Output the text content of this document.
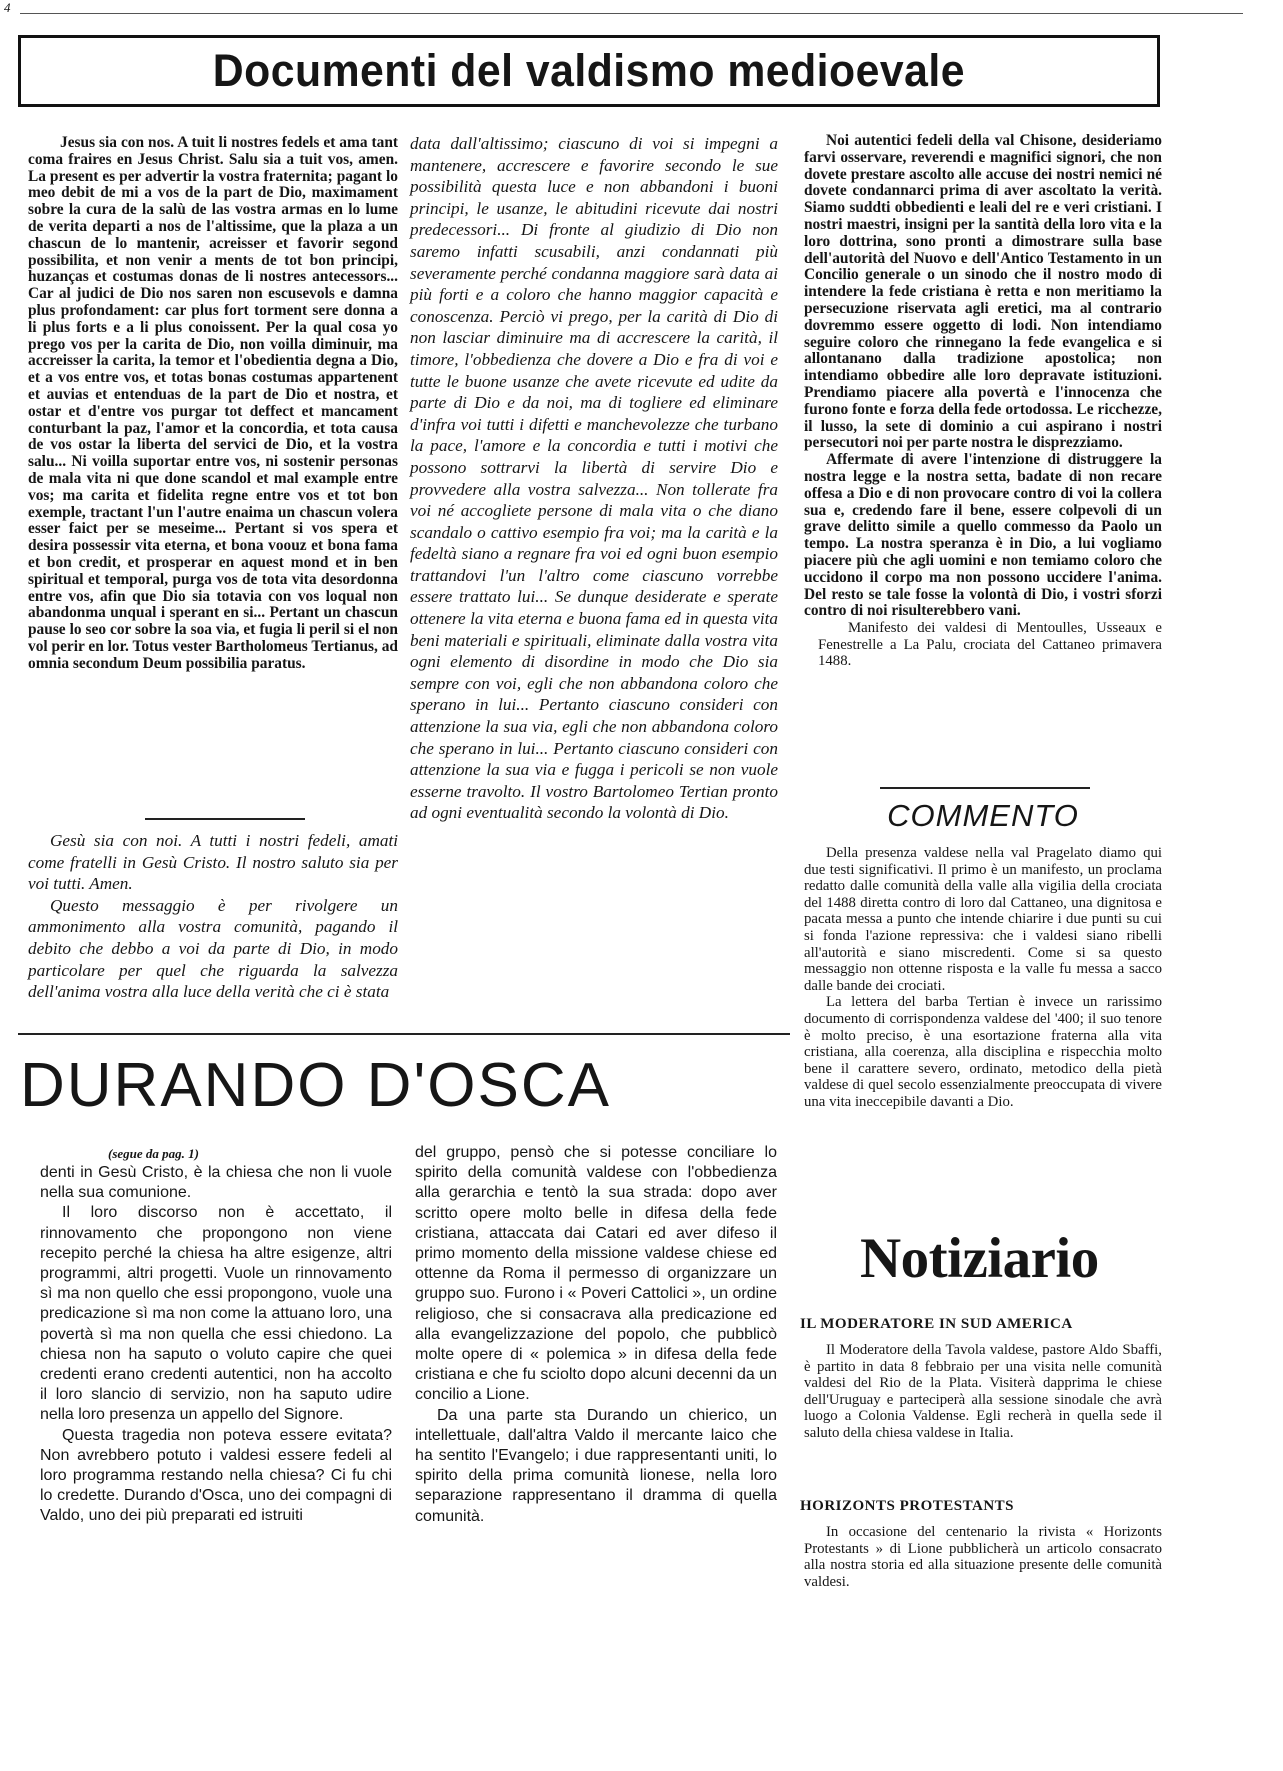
4
Documenti del valdismo medioevale

Jesus sia con nos. A tuit li nostres fedels et ama tant coma fraires en Jesus Christ. Salu sia a tuit vos, amen. La present es per advertir la vostra fraternita; pagant lo meo debit de mi a vos de la part de Dio, maximament sobre la cura de la salù de las vostra armas en lo lume de verita departi a nos de l'altissime, que la plaza a un chascun de lo mantenir, acreisser et favorir segond possibilita, et non venir a ments de tot bon principi, huzanças et costumas donas de li nostres antecessors... Car al judici de Dio nos saren non escusevols e damna plus profondament: car plus fort torment sere donna a li plus forts e a li plus conoissent. Per la qual cosa yo prego vos per la carita de Dio, non voilla diminuir, ma accreisser la carita, la temor et l'obedientia degna a Dio, et a vos entre vos, et totas bonas costumas appartenent et auvias et entenduas de la part de Dio et nostra, et ostar et d'entre vos purgar tot deffect et mancament conturbant la paz, l'amor et la concordia, et tota causa de vos ostar la liberta del servici de Dio, et la vostra salu... Ni voilla suportar entre vos, ni sostenir personas de mala vita ni que done scandol et mal example entre vos; ma carita et fidelita regne entre vos et tot bon exemple, tractant l'un l'autre enaima un chascun volera esser faict per se meseime... Pertant si vos spera et desira possessir vita eterna, et bona voouz et bona fama et bon credit, et prosperar en aquest mond et in ben spiritual et temporal, purga vos de tota vita desordonna entre vos, afin que Dio sia totavia con vos loqual non abandonma unqual i sperant en si... Pertant un chascun pause lo seo cor sobre la soa via, et fugia li peril si el non vol perir en lor. Totus vester Bartholomeus Tertianus, ad omnia secondum Deum possibilia paratus.

Gesù sia con noi. A tutti i nostri fedeli, amati come fratelli in Gesù Cristo. Il nostro saluto sia per voi tutti. Amen.

Questo messaggio è per rivolgere un ammonimento alla vostra comunità, pagando il debito che debbo a voi da parte di Dio, in modo particolare per quel che riguarda la salvezza dell'anima vostra alla luce della verità che ci è stata

data dall'altissimo; ciascuno di voi si impegni a mantenere, accrescere e favorire secondo le sue possibilità questa luce e non abbandoni i buoni principi, le usanze, le abitudini ricevute dai nostri predecessori... Di fronte al giudizio di Dio non saremo infatti scusabili, anzi condannati più severamente perché condanna maggiore sarà data ai più forti e a coloro che hanno maggior capacità e conoscenza. Perciò vi prego, per la carità di Dio di non lasciar diminuire ma di accrescere la carità, il timore, l'obbedienza che dovere a Dio e fra di voi e tutte le buone usanze che avete ricevute ed udite da parte di Dio e da noi, ma di togliere ed eliminare d'infra voi tutti i difetti e manchevolezze che turbano la pace, l'amore e la concordia e tutti i motivi che possono sottrarvi la libertà di servire Dio e provvedere alla vostra salvezza... Non tollerate fra voi né accogliete persone di mala vita o che diano scandalo o cattivo esempio fra voi; ma la carità e la fedeltà siano a regnare fra voi ed ogni buon esempio trattandovi l'un l'altro come ciascuno vorrebbe essere trattato lui... Se dunque desiderate e sperate ottenere la vita eterna e buona fama ed in questa vita beni materiali e spirituali, eliminate dalla vostra vita ogni elemento di disordine in modo che Dio sia sempre con voi, egli che non abbandona coloro che sperano in lui... Pertanto ciascuno consideri con attenzione la sua via, egli che non abbandona coloro che sperano in lui... Pertanto ciascuno consideri con attenzione la sua via e fugga i pericoli se non vuole esserne travolto. Il vostro Bartolomeo Tertian pronto ad ogni eventualità secondo la volontà di Dio.

Noi autentici fedeli della val Chisone, desideriamo farvi osservare, reverendi e magnifici signori, che non dovete prestare ascolto alle accuse dei nostri nemici né dovete condannarci prima di aver ascoltato la verità. Siamo suddti obbedienti e leali del re e veri cristiani. I nostri maestri, insigni per la santità della loro vita e la loro dottrina, sono pronti a dimostrare sulla base dell'autorità del Nuovo e dell'Antico Testamento in un Concilio generale o un sinodo che il nostro modo di intendere la fede cristiana è retta e non meritiamo la persecuzione riservata agli eretici, ma al contrario dovremmo essere oggetto di lodi. Non intendiamo seguire coloro che rinnegano la fede evangelica e si allontanano dalla tradizione apostolica; non intendiamo obbedire alle loro depravate istituzioni. Prendiamo piacere alla povertà e l'innocenza che furono fonte e forza della fede ortodossa. Le ricchezze, il lusso, la sete di dominio a cui aspirano i nostri persecutori noi per parte nostra le disprezziamo.

Affermate di avere l'intenzione di distruggere la nostra legge e la nostra setta, badate di non recare offesa a Dio e di non provocare contro di voi la collera sua e, credendo fare il bene, essere colpevoli di un grave delitto simile a quello commesso da Paolo un tempo. La nostra speranza è in Dio, a lui vogliamo piacere più che agli uomini e non temiamo coloro che uccidono il corpo ma non possono uccidere l'anima. Del resto se tale fosse la volontà di Dio, i vostri sforzi contro di noi risulterebbero vani.

Manifesto dei valdesi di Mentoulles, Usseaux e Fenestrelle a La Palu, crociata del Cattaneo primavera 1488.

COMMENTO

Della presenza valdese nella val Pragelato diamo qui due testi significativi. Il primo è un manifesto, un proclama redatto dalle comunità della valle alla vigilia della crociata del 1488 diretta contro di loro dal Cattaneo, una dignitosa e pacata messa a punto che intende chiarire i due punti su cui si fonda l'azione repressiva: che i valdesi siano ribelli all'autorità e siano miscredenti. Come si sa questo messaggio non ottenne risposta e la valle fu messa a sacco dalle bande dei crociati.

La lettera del barba Tertian è invece un rarissimo documento di corrispondenza valdese del '400; il suo tenore è molto preciso, è una esortazione fraterna alla vita cristiana, alla coerenza, alla disciplina e rispecchia molto bene il carattere severo, ordinato, metodico della pietà valdese di quel secolo essenzialmente preoccupata di vivere una vita ineccepibile davanti a Dio.

DURANDO D'OSCA
(segue da pag. 1)

denti in Gesù Cristo, è la chiesa che non li vuole nella sua comunione.

Il loro discorso non è accettato, il rinnovamento che propongono non viene recepito perché la chiesa ha altre esigenze, altri programmi, altri progetti. Vuole un rinnovamento sì ma non quello che essi propongono, vuole una predicazione sì ma non come la attuano loro, una povertà sì ma non quella che essi chiedono. La chiesa non ha saputo o voluto capire che quei credenti erano credenti autentici, non ha accolto il loro slancio di servizio, non ha saputo udire nella loro presenza un appello del Signore.

Questa tragedia non poteva essere evitata? Non avrebbero potuto i valdesi essere fedeli al loro programma restando nella chiesa? Ci fu chi lo credette. Durando d'Osca, uno dei compagni di Valdo, uno dei più preparati ed istruiti

del gruppo, pensò che si potesse conciliare lo spirito della comunità valdese con l'obbedienza alla gerarchia e tentò la sua strada: dopo aver scritto opere molto belle in difesa della fede cristiana, attaccata dai Catari ed aver difeso il primo momento della missione valdese chiese ed ottenne da Roma il permesso di organizzare un gruppo suo. Furono i « Poveri Cattolici », un ordine religioso, che si consacrava alla predicazione ed alla evangelizzazione del popolo, che pubblicò molte opere di « polemica » in difesa della fede cristiana e che fu sciolto dopo alcuni decenni da un concilio a Lione.

Da una parte sta Durando un chierico, un intellettuale, dall'altra Valdo il mercante laico che ha sentito l'Evangelo; i due rappresentanti uniti, lo spirito della prima comunità lionese, nella loro separazione rappresentano il dramma di quella comunità.

Notiziario
IL MODERATORE IN SUD AMERICA

Il Moderatore della Tavola valdese, pastore Aldo Sbaffi, è partito in data 8 febbraio per una visita nelle comunità valdesi del Rio de la Plata. Visiterà dapprima le chiese dell'Uruguay e parteciperà alla sessione sinodale che avrà luogo a Colonia Valdense. Egli recherà in quella sede il saluto della chiesa valdese in Italia.

HORIZONTS PROTESTANTS

In occasione del centenario la rivista « Horizonts Protestants » di Lione pubblicherà un articolo consacrato alla nostra storia ed alla situazione presente delle comunità valdesi.
